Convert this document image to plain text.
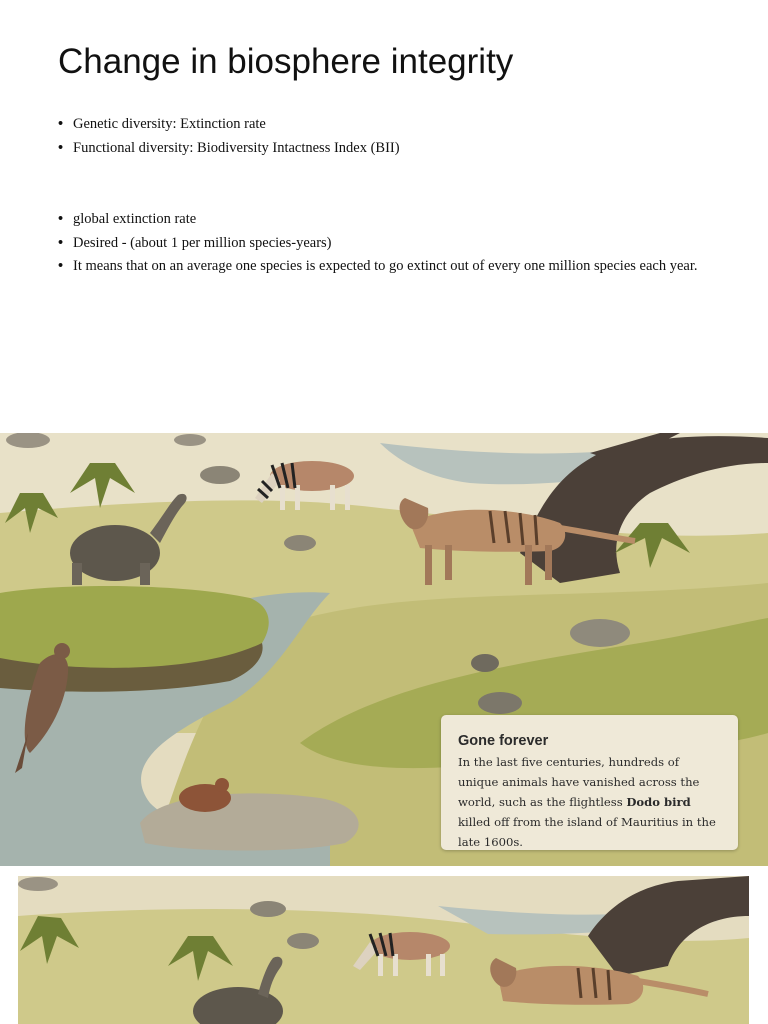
Change in biosphere integrity
• Genetic diversity: Extinction rate
• Functional diversity: Biodiversity Intactness Index (BII)
• global extinction rate
• Desired - (about 1 per million species-years)
• It means that on an average one species is expected to go extinct out of every one million species each year.
Gone forever
In the last five centuries, hundreds of unique animals have vanished across the world, such as the flightless Dodo bird killed off from the island of Mauritius in the late 1600s.
